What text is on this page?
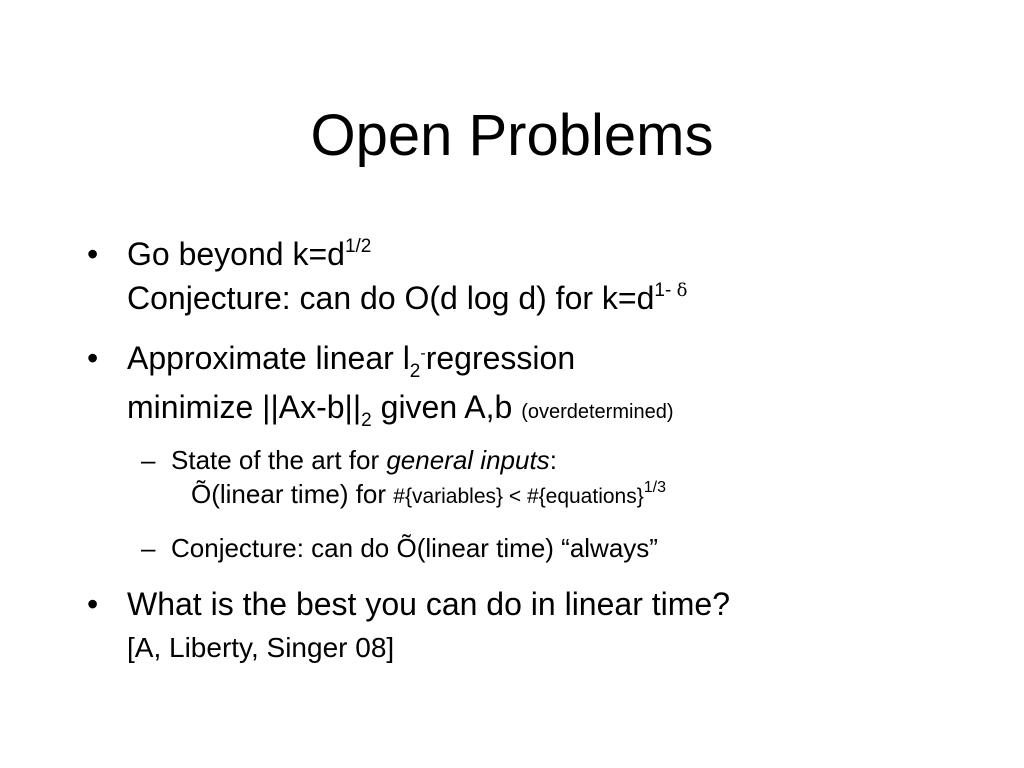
Open Problems
• Go beyond $k=d^{1/2}$
Conjecture: can do O(d log d) for $k=d^{1- \delta}$
• Approximate linear $l_2^-regression$
minimize $||Ax-b||_2$ given A,b (overdetermined)
– State of the art for general inputs:
Õ(linear time) for #{variables} < #{equations}$^{1/3}$
– Conjecture: can do Õ(linear time) “always”
• What is the best you can do in linear time?
[A, Liberty, Singer 08]
